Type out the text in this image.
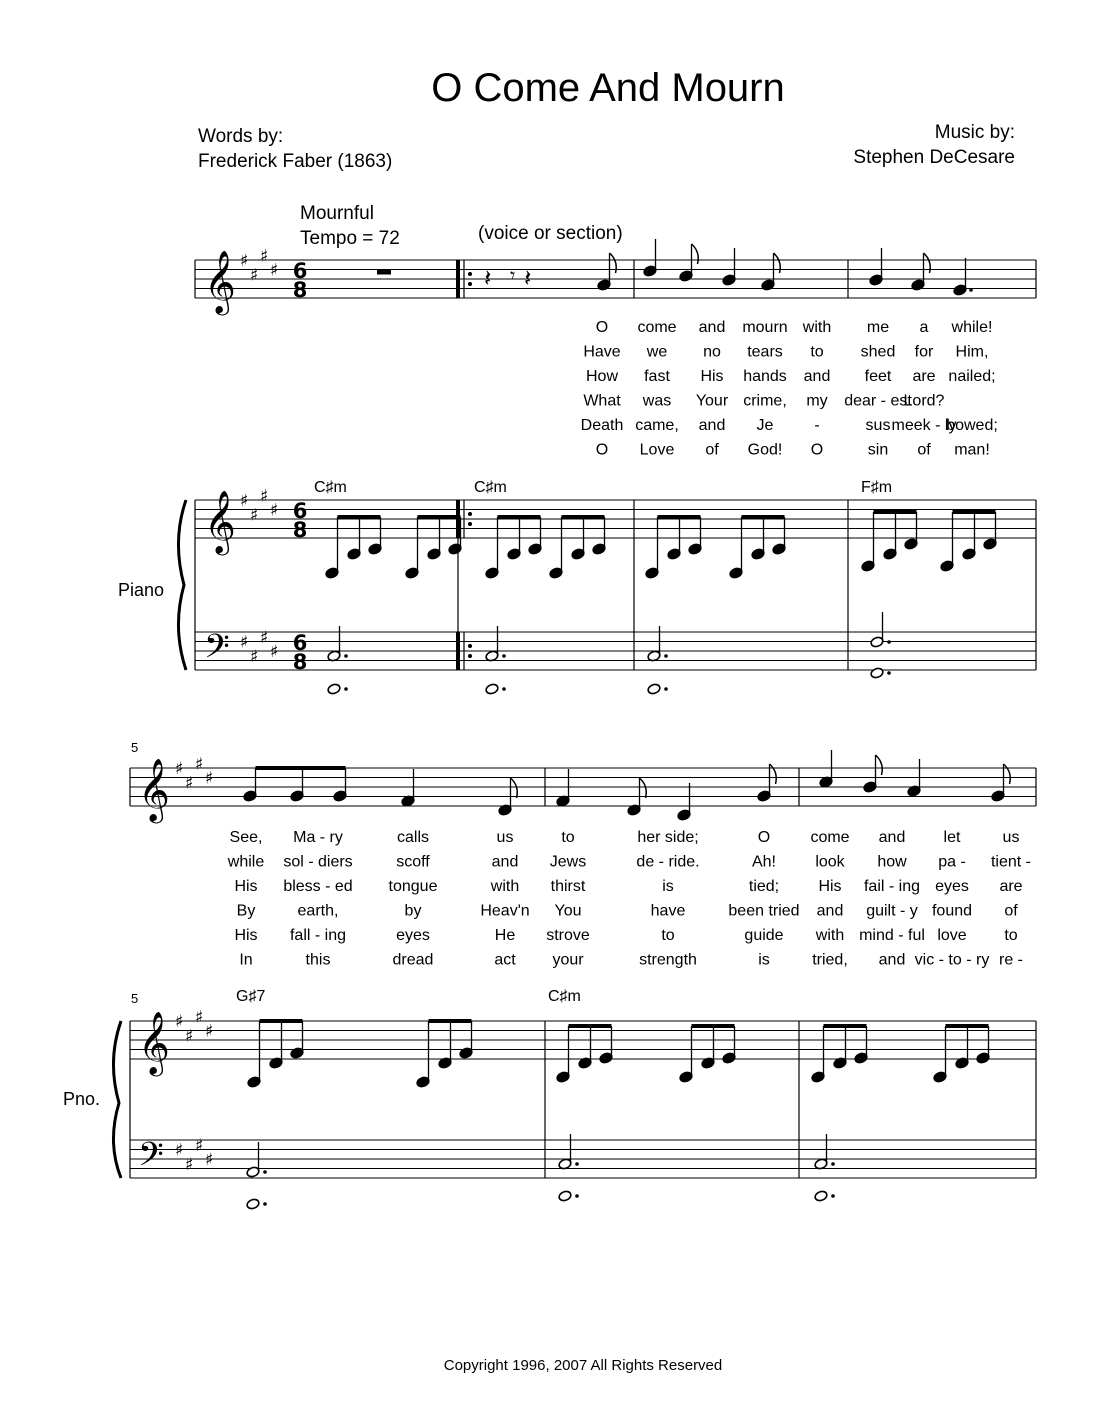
O Come And Mourn
Words by:
Frederick Faber (1863)
Music by:
Stephen DeCesare
Mournful
Tempo = 72	(voice or section)
Piano
Pno.
5
5
C♯m	C♯m	F♯m
G♯7	C♯m
𝄞 ♯
♯
♯
♯ 6
8
𝄞 ♯
♯
♯
♯ 6
8
𝄢 ♯
♯
♯
♯ 6
8
𝄽 𝄾 𝄽
𝄞 ♯
♯
♯
♯
𝄞 ♯
♯
♯
♯
𝄢 ♯
♯
♯
♯
O come and mourn with me a while!
Have we no tears to shed for Him,
How fast His hands and feet are nailed;
What was Your crime, my dear - est
Lord?
Death came, and Je	-	sus meek - ly
bowed;
O Love of God! O	sin of man!
See, Ma - ry	calls	us	to	her side;	O	come and let	us
while sol - diers	scoff	and Jews	de - ride.	Ah! look how pa - tient -
His bless - ed tongue	with thirst	is	tied; His fail - ing eyes are
By	earth,	by	Heav'n You	have	been tried and guilt - y found of
His fall - ing	eyes	He strove	to	guide with mind - ful love to
In	this	dread	act your	strength	is	tried, and vic - to - ry re -
Copyright 1996, 2007 All Rights Reserved
